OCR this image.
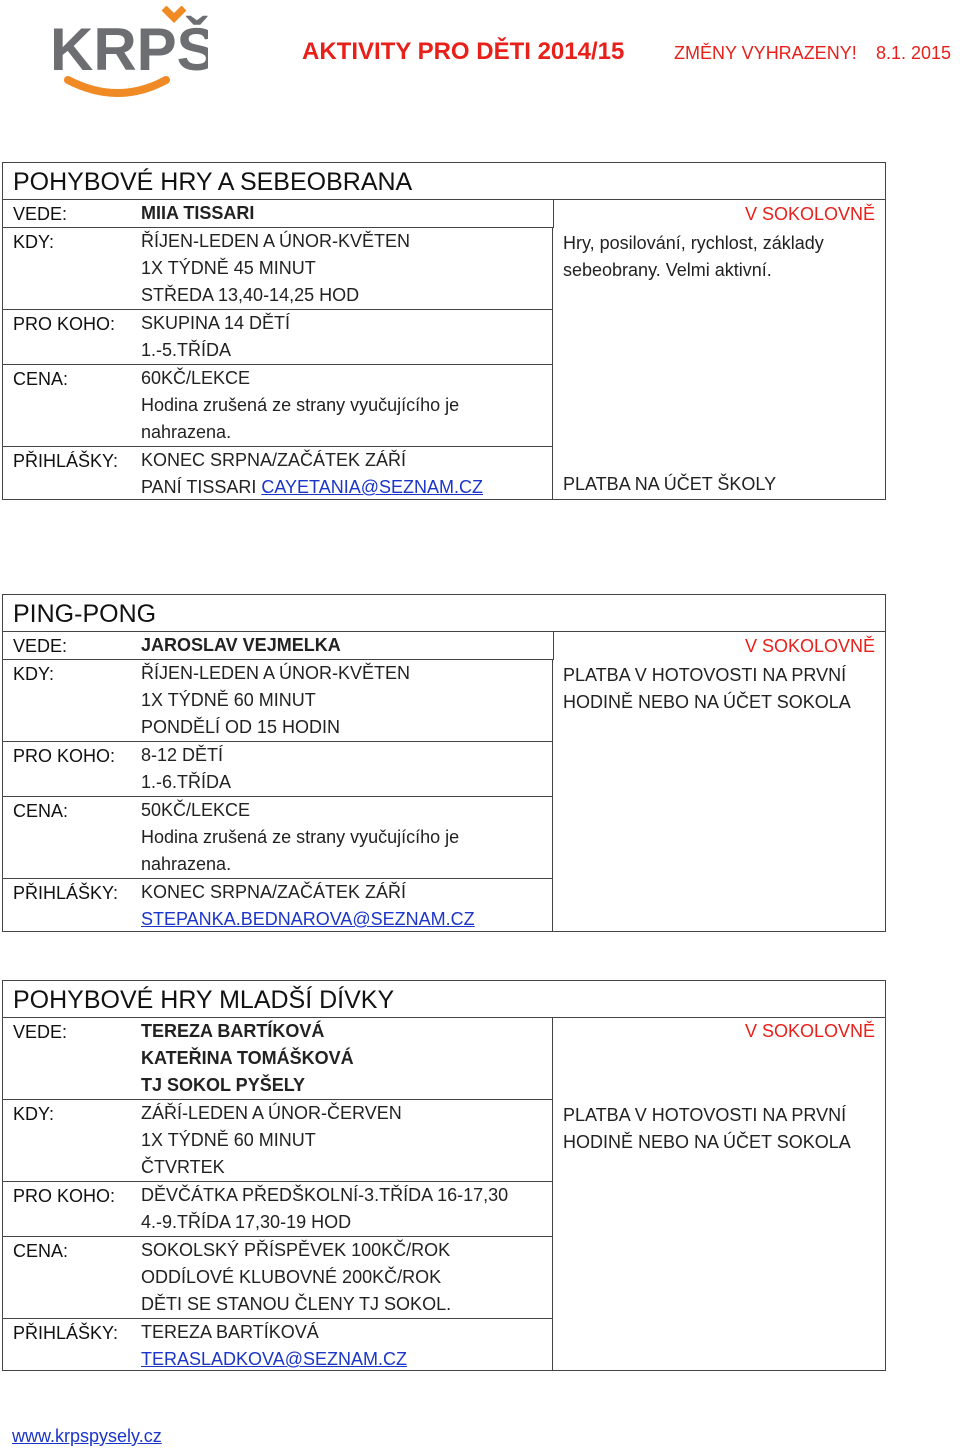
KRPŠ	AKTIVITY PRO DĚTI 2014/15	ZMĚNY VYHRAZENY! 8.1. 2015
POHYBOVÉ HRY A SEBEOBRANA
VEDE:	MIIA TISSARI	V SOKOLOVNĚ
KDY:	ŘÍJEN-LEDEN A ÚNOR-KVĚTEN
1X TÝDNĚ 45 MINUT
STŘEDA 13,40-14,25 HOD
PRO KOHO: SKUPINA 14 DĚTÍ
1.-5.TŘÍDA
CENA:	60KČ/LEKCE
Hodina zrušená ze strany vyučujícího je
nahrazena.
PŘIHLÁŠKY: KONEC SRPNA/ZAČÁTEK ZÁŘÍ
PANÍ TISSARI CAYETANIA@SEZNAM.CZ
Hry, posilování, rychlost, základy
sebeobrany. Velmi aktivní.
PLATBA NA ÚČET ŠKOLY
PING-PONG
VEDE:	JAROSLAV VEJMELKA	V SOKOLOVNĚ
KDY:	ŘÍJEN-LEDEN A ÚNOR-KVĚTEN
1X TÝDNĚ 60 MINUT
PONDĚLÍ OD 15 HODIN
PRO KOHO: 8-12 DĚTÍ
1.-6.TŘÍDA
CENA:	50KČ/LEKCE
Hodina zrušená ze strany vyučujícího je
nahrazena.
PŘIHLÁŠKY: KONEC SRPNA/ZAČÁTEK ZÁŘÍ
STEPANKA.BEDNAROVA@SEZNAM.CZ
PLATBA V HOTOVOSTI NA PRVNÍ
HODINĚ NEBO NA ÚČET SOKOLA
POHYBOVÉ HRY MLADŠÍ DÍVKY
VEDE:	TEREZA BARTÍKOVÁ
KATEŘINA TOMÁŠKOVÁ
TJ SOKOL PYŠELY
V SOKOLOVNĚ
KDY:	ZÁŘÍ-LEDEN A ÚNOR-ČERVEN
1X TÝDNĚ 60 MINUT
ČTVRTEK
PRO KOHO: DĚVČÁTKA PŘEDŠKOLNÍ-3.TŘÍDA 16-17,30
4.-9.TŘÍDA 17,30-19 HOD
CENA:	SOKOLSKÝ PŘÍSPĚVEK 100KČ/ROK
ODDÍLOVÉ KLUBOVNÉ 200KČ/ROK
DĚTI SE STANOU ČLENY TJ SOKOL.
PŘIHLÁŠKY: TEREZA BARTÍKOVÁ
TERASLADKOVA@SEZNAM.CZ
PLATBA V HOTOVOSTI NA PRVNÍ
HODINĚ NEBO NA ÚČET SOKOLA
www.krpspysely.cz
